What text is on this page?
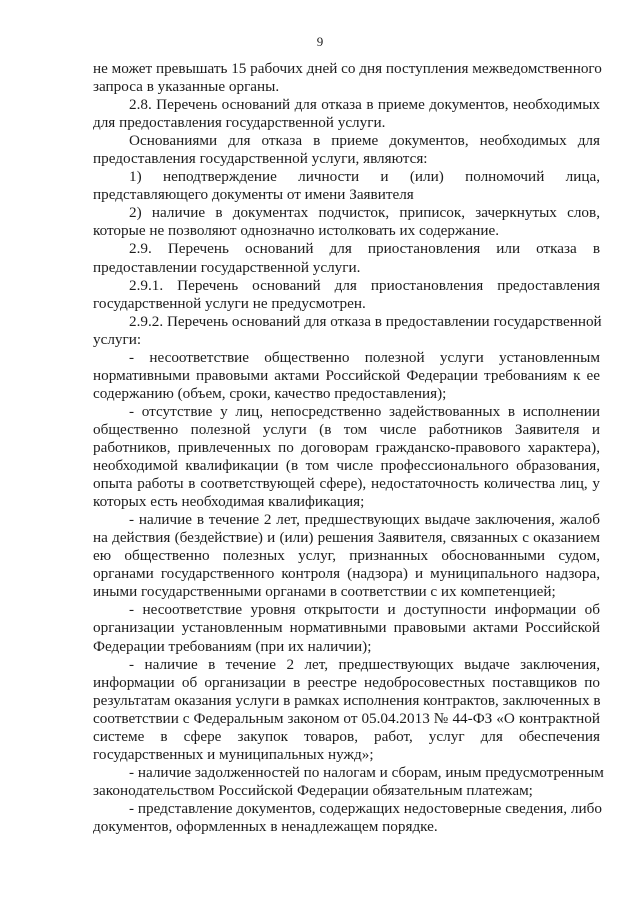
9
не может превышать 15 рабочих дней со дня поступления межведомственного
запроса в указанные органы.
2.8. Перечень оснований для отказа в приеме документов, необходимых
для предоставления государственной услуги.
Основаниями для отказа в приеме документов, необходимых для
предоставления государственной услуги, являются:
1) неподтверждение личности и (или) полномочий лица,
представляющего документы от имени Заявителя
2) наличие в документах подчисток, приписок, зачеркнутых слов,
которые не позволяют однозначно истолковать их содержание.
2.9. Перечень оснований для приостановления или отказа в
предоставлении государственной услуги.
2.9.1. Перечень оснований для приостановления предоставления
государственной услуги не предусмотрен.
2.9.2. Перечень оснований для отказа в предоставлении государственной
услуги:
- несоответствие общественно полезной услуги установленным
нормативными правовыми актами Российской Федерации требованиям к ее
содержанию (объем, сроки, качество предоставления);
- отсутствие у лиц, непосредственно задействованных в исполнении
общественно полезной услуги (в том числе работников Заявителя и
работников, привлеченных по договорам гражданско-правового характера),
необходимой квалификации (в том числе профессионального образования,
опыта работы в соответствующей сфере), недостаточность количества лиц, у
которых есть необходимая квалификация;
- наличие в течение 2 лет, предшествующих выдаче заключения, жалоб
на действия (бездействие) и (или) решения Заявителя, связанных с оказанием
ею общественно полезных услуг, признанных обоснованными судом,
органами государственного контроля (надзора) и муниципального надзора,
иными государственными органами в соответствии с их компетенцией;
- несоответствие уровня открытости и доступности информации об
организации установленным нормативными правовыми актами Российской
Федерации требованиям (при их наличии);
- наличие в течение 2 лет, предшествующих выдаче заключения,
информации об организации в реестре недобросовестных поставщиков по
результатам оказания услуги в рамках исполнения контрактов, заключенных в
соответствии с Федеральным законом от 05.04.2013 № 44-ФЗ «О контрактной
системе в сфере закупок товаров, работ, услуг для обеспечения
государственных и муниципальных нужд»;
- наличие задолженностей по налогам и сборам, иным предусмотренным
законодательством Российской Федерации обязательным платежам;
- представление документов, содержащих недостоверные сведения, либо
документов, оформленных в ненадлежащем порядке.
